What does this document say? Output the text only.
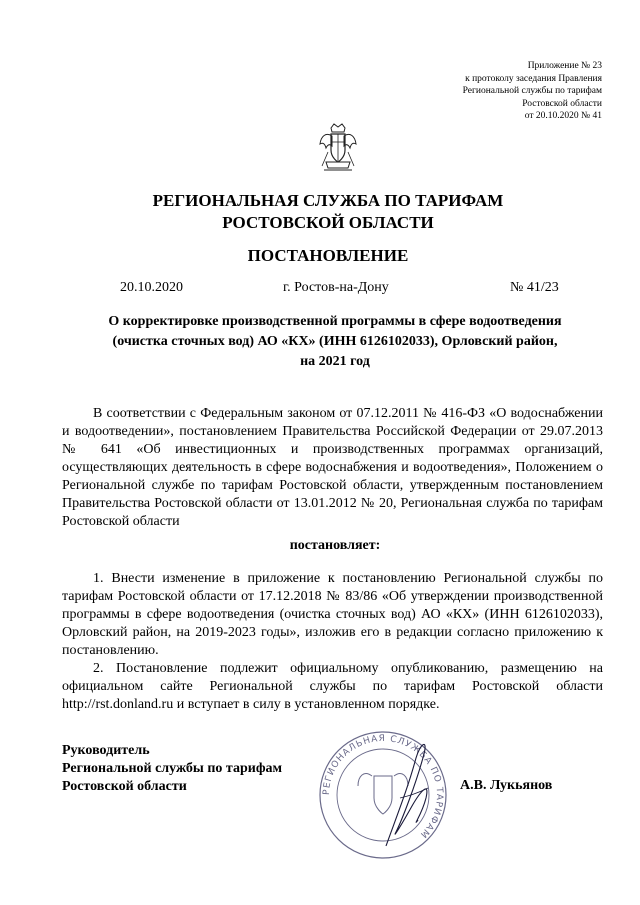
Приложение № 23
к протоколу заседания Правления
Региональной службы по тарифам
Ростовской области
от 20.10.2020 № 41
РЕГИОНАЛЬНАЯ СЛУЖБА ПО ТАРИФАМ
РОСТОВСКОЙ ОБЛАСТИ
ПОСТАНОВЛЕНИЕ
20.10.2020	г. Ростов-на-Дону	№ 41/23
О корректировке производственной программы в сфере водоотведения
(очистка сточных вод) АО «КХ» (ИНН 6126102033), Орловский район,
на 2021 год

В соответствии с Федеральным законом от 07.12.2011 № 416-ФЗ «О водоснабжении и водоотведении», постановлением Правительства Российской Федерации от 29.07.2013 № 641 «Об инвестиционных и производственных программах организаций, осуществляющих деятельность в сфере водоснабжения и водоотведения», Положением о Региональной службе по тарифам Ростовской области, утвержденным постановлением Правительства Ростовской области от 13.01.2012 № 20, Региональная служба по тарифам Ростовской области

постановляет:

1. Внести изменение в приложение к постановлению Региональной службы по тарифам Ростовской области от 17.12.2018 № 83/86 «Об утверждении производственной программы в сфере водоотведения (очистка сточных вод) АО «КХ» (ИНН 6126102033), Орловский район, на 2019-2023 годы», изложив его в редакции согласно приложению к постановлению.

2. Постановление подлежит официальному опубликованию, размещению на официальном сайте Региональной службы по тарифам Ростовской области http://rst.donland.ru и вступает в силу в установленном порядке.

Руководитель
Региональной службы по тарифам
Ростовской области	РЕГИОНАЛЬНАЯ СЛУЖБА ПО ТАРИФАМ
А.В. Лукьянов
